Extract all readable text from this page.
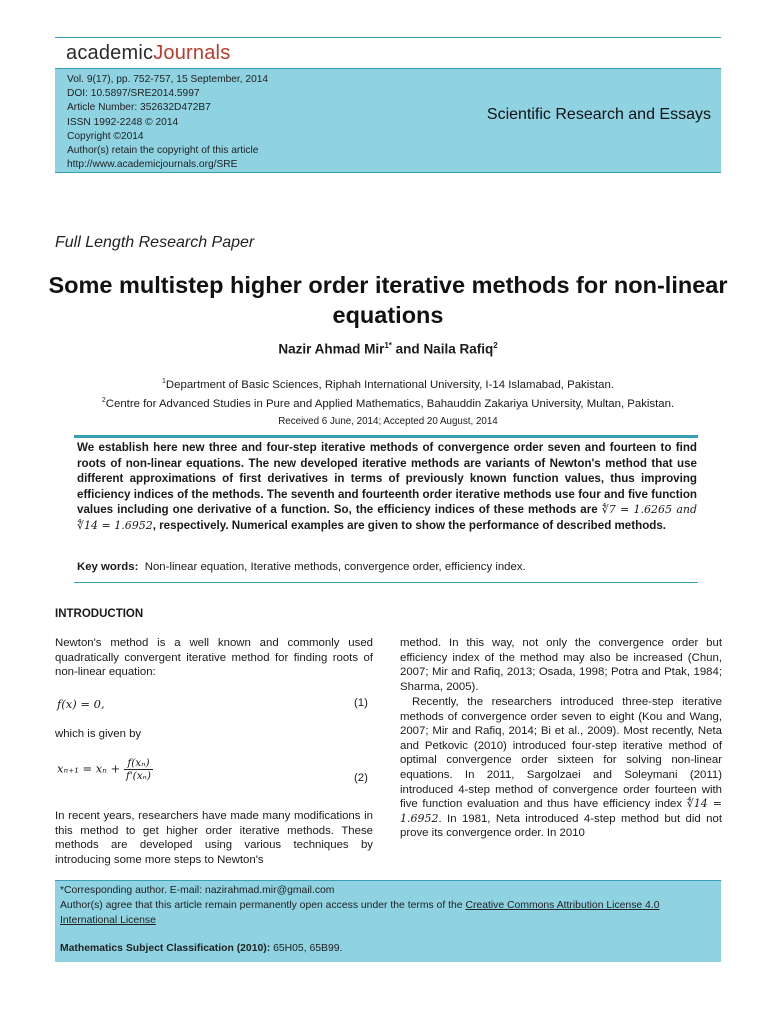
academicJournals
Vol. 9(17), pp. 752-757, 15 September, 2014
DOI: 10.5897/SRE2014.5997
Article Number: 352632D472B7
ISSN 1992-2248 © 2014
Copyright ©2014
Author(s) retain the copyright of this article
http://www.academicjournals.org/SRE
Scientific Research and Essays
Full Length Research Paper
Some multistep higher order iterative methods for non-linear equations
Nazir Ahmad Mir$^{1*}$ and Naila Rafiq$^2$
$^1$Department of Basic Sciences, Riphah International University, I-14 Islamabad, Pakistan.
$^2$Centre for Advanced Studies in Pure and Applied Mathematics, Bahauddin Zakariya University, Multan, Pakistan.
Received 6 June, 2014; Accepted 20 August, 2014
We establish here new three and four-step iterative methods of convergence order seven and fourteen to find roots of non-linear equations. The new developed iterative methods are variants of Newton's method that use different approximations of first derivatives in terms of previously known function values, thus improving efficiency indices of the methods. The seventh and fourteenth order iterative methods use four and five function values including one derivative of a function. So, the efficiency indices of these methods are ∜7 = 1.6265 and ∜14 = 1.6952, respectively. Numerical examples are given to show the performance of described methods.
Key words: Non-linear equation, Iterative methods, convergence order, efficiency index.
INTRODUCTION
Newton's method is a well known and commonly used quadratically convergent iterative method for finding roots of non-linear equation:
f(x) = 0,	(1)
which is given by
$x_{n+1} = x_n + \frac{\text{f(xₙ)}}{\text{f'(xₙ)}}$	(2)
In recent years, researchers have made many modifications in this method to get higher order iterative methods. These methods are developed using various techniques by introducing some more steps to Newton's
method. In this way, not only the convergence order but efficiency index of the method may also be increased (Chun, 2007; Mir and Rafiq, 2013; Osada, 1998; Potra and Ptak, 1984; Sharma, 2005).
Recently, the researchers introduced three-step iterative methods of convergence order seven to eight (Kou and Wang, 2007; Mir and Rafiq, 2014; Bi et al., 2009). Most recently, Neta and Petkovic (2010) introduced four-step iterative method of optimal convergence order sixteen for solving non-linear equations. In 2011, Sargolzaei and Soleymani (2011) introduced 4-step method of convergence order fourteen with five function evaluation and thus have efficiency index ∜14 = 1.6952. In 1981, Neta introduced 4-step method but did not prove its convergence order. In 2010
*Corresponding author. E-mail: nazirahmad.mir@gmail.com
Author(s) agree that this article remain permanently open access under the terms of the Creative Commons Attribution License 4.0 International License
Mathematics Subject Classification (2010): 65H05, 65B99.
